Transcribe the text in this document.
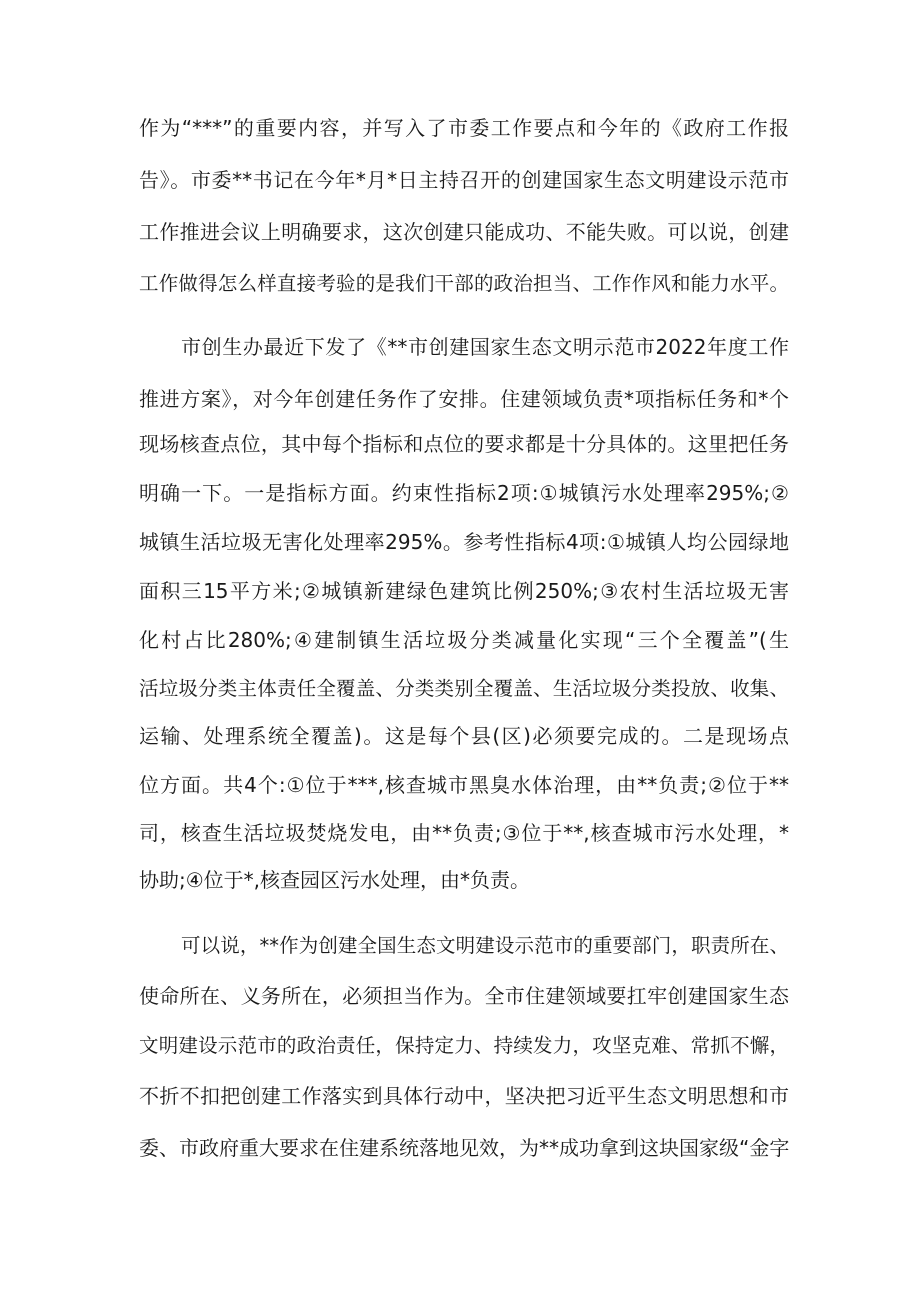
作为“***”的重要内容，并写入了市委工作要点和今年的《政府工作报
告》。市委**书记在今年*月*日主持召开的创建国家生态文明建设示范市
工作推进会议上明确要求，这次创建只能成功、不能失败。可以说，创建
工作做得怎么样直接考验的是我们干部的政治担当、工作作风和能力水平。
市创生办最近下发了《**市创建国家生态文明示范市2022年度工作
推进方案》，对今年创建任务作了安排。住建领域负责*项指标任务和*个
现场核查点位，其中每个指标和点位的要求都是十分具体的。这里把任务
明确一下。一是指标方面。约束性指标2项:①城镇污水处理率295%;②
城镇生活垃圾无害化处理率295%。参考性指标4项:①城镇人均公园绿地
面积三15平方米;②城镇新建绿色建筑比例250%;③农村生活垃圾无害
化村占比280%;④建制镇生活垃圾分类减量化实现“三个全覆盖”(生
活垃圾分类主体责任全覆盖、分类类别全覆盖、生活垃圾分类投放、收集、
运输、处理系统全覆盖)。这是每个县(区)必须要完成的。二是现场点
位方面。共4个:①位于***,核查城市黑臭水体治理，由**负责;②位于**
司，核查生活垃圾焚烧发电，由**负责;③位于**,核查城市污水处理，*
协助;④位于*,核查园区污水处理，由*负责。
可以说，**作为创建全国生态文明建设示范市的重要部门，职责所在、
使命所在、义务所在，必须担当作为。全市住建领域要扛牢创建国家生态
文明建设示范市的政治责任，保持定力、持续发力，攻坚克难、常抓不懈，
不折不扣把创建工作落实到具体行动中，坚决把习近平生态文明思想和市
委、市政府重大要求在住建系统落地见效，为**成功拿到这块国家级“金字
